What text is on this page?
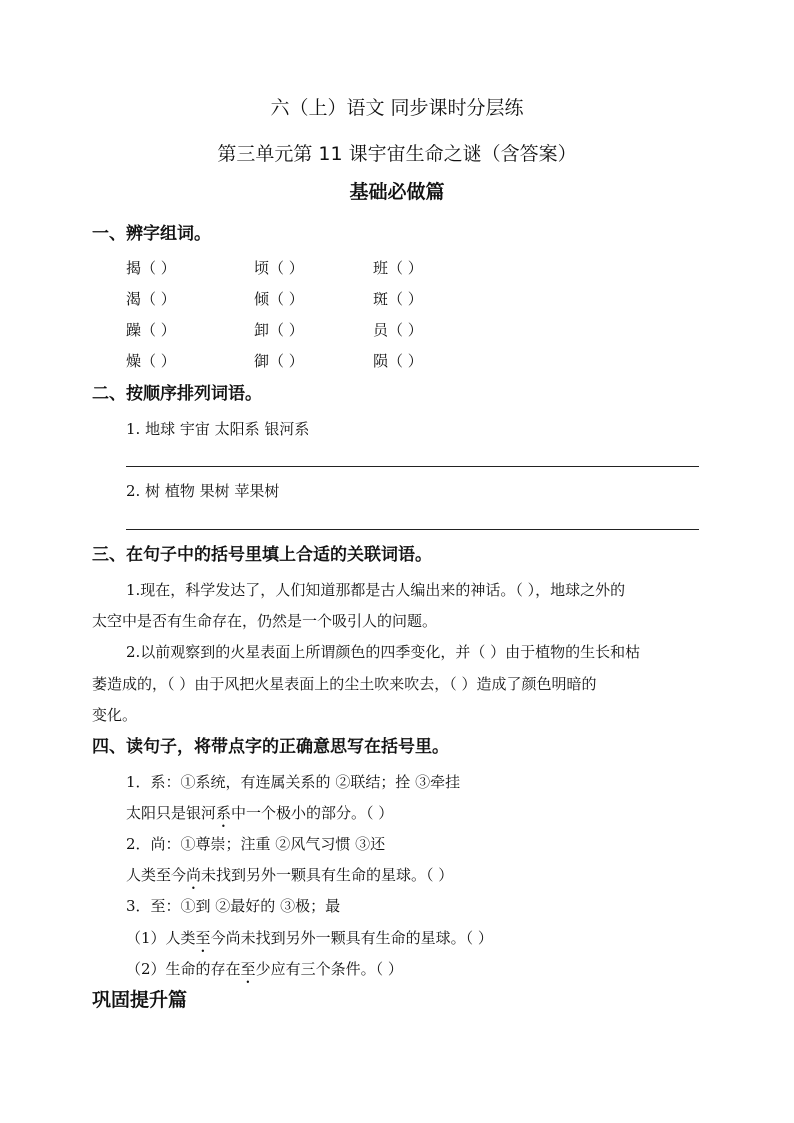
六（上）语文 同步课时分层练
第三单元第 11 课宇宙生命之谜（含答案）
基础必做篇
一、辨字组词。
揭（ ）	顷（ ）	班（ ）
渴（ ）	倾（ ）	斑（ ）
躁（ ）	卸（ ）	员（ ）
燥（ ）	御（ ）	陨（ ）
二、按顺序排列词语。
1. 地球 宇宙 太阳系 银河系
2. 树 植物 果树 苹果树
三、在句子中的括号里填上合适的关联词语。
1.现在，科学发达了，人们知道那都是古人编出来的神话。（ ），地球之外的
太空中是否有生命存在，仍然是一个吸引人的问题。
2.以前观察到的火星表面上所谓颜色的四季变化，并（ ）由于植物的生长和枯
萎造成的，（ ）由于风把火星表面上的尘土吹来吹去，（ ）造成了颜色明暗的
变化。
四、读句子，将带点字的正确意思写在括号里。
1．系：①系统，有连属关系的 ②联结；拴 ③牵挂
太阳只是银河系中一个极小的部分。（ ）
2．尚：①尊崇；注重 ②风气习惯 ③还
人类至今尚未找到另外一颗具有生命的星球。（ ）
3．至：①到 ②最好的 ③极；最
（1）人类至今尚未找到另外一颗具有生命的星球。（ ）
（2）生命的存在至少应有三个条件。（ ）
巩固提升篇
